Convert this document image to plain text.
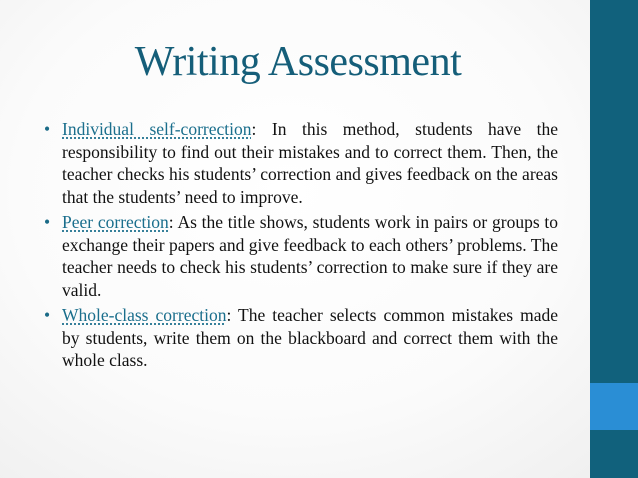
Writing Assessment
• Individual self-correction: In this method, students have the responsibility to find out their mistakes and to correct them. Then, the teacher checks his students’ correction and gives feedback on the areas that the students’ need to improve.
• Peer correction: As the title shows, students work in pairs or groups to exchange their papers and give feedback to each others’ problems. The teacher needs to check his students’ correction to make sure if they are valid.
• Whole-class correction: The teacher selects common mistakes made by students, write them on the blackboard and correct them with the whole class.
